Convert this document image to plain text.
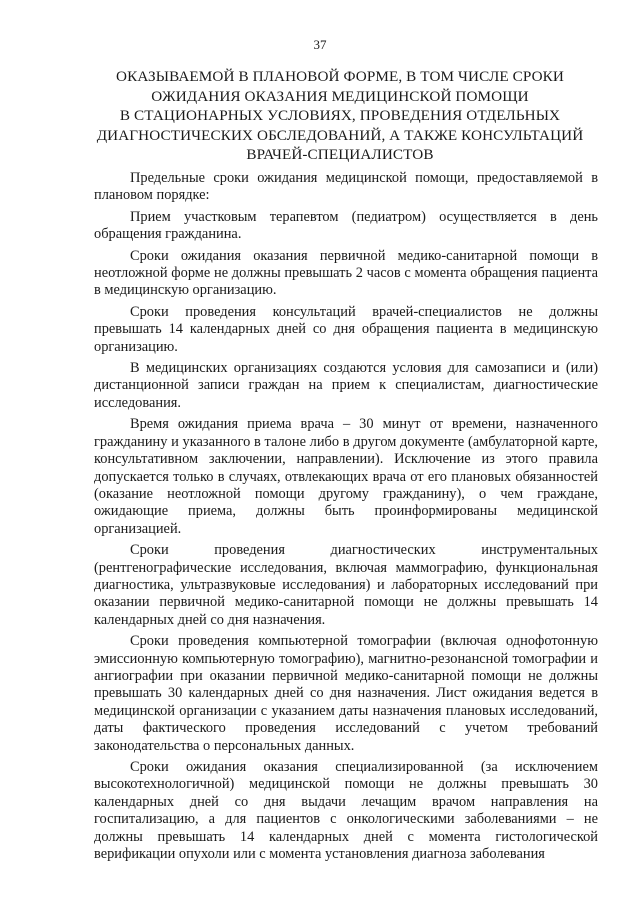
37
ОКАЗЫВАЕМОЙ В ПЛАНОВОЙ ФОРМЕ, В ТОМ ЧИСЛЕ СРОКИ
ОЖИДАНИЯ ОКАЗАНИЯ МЕДИЦИНСКОЙ ПОМОЩИ
В СТАЦИОНАРНЫХ УСЛОВИЯХ, ПРОВЕДЕНИЯ ОТДЕЛЬНЫХ
ДИАГНОСТИЧЕСКИХ ОБСЛЕДОВАНИЙ, А ТАКЖЕ КОНСУЛЬТАЦИЙ
ВРАЧЕЙ-СПЕЦИАЛИСТОВ

Предельные сроки ожидания медицинской помощи, предоставляемой в плановом порядке:

Прием участковым терапевтом (педиатром) осуществляется в день обращения гражданина.

Сроки ожидания оказания первичной медико-санитарной помощи в неотложной форме не должны превышать 2 часов с момента обращения пациента в медицинскую организацию.

Сроки проведения консультаций врачей-специалистов не должны превышать 14 календарных дней со дня обращения пациента в медицинскую организацию.

В медицинских организациях создаются условия для самозаписи и (или) дистанционной записи граждан на прием к специалистам, диагностические исследования.

Время ожидания приема врача – 30 минут от времени, назначенного гражданину и указанного в талоне либо в другом документе (амбулаторной карте, консультативном заключении, направлении). Исключение из этого правила допускается только в случаях, отвлекающих врача от его плановых обязанностей (оказание неотложной помощи другому гражданину), о чем граждане, ожидающие приема, должны быть проинформированы медицинской организацией.

Сроки проведения диагностических инструментальных (рентгенографические исследования, включая маммографию, функциональная диагностика, ультразвуковые исследования) и лабораторных исследований при оказании первичной медико-санитарной помощи не должны превышать 14 календарных дней со дня назначения.

Сроки проведения компьютерной томографии (включая однофотонную эмиссионную компьютерную томографию), магнитно-резонансной томографии и ангиографии при оказании первичной медико-санитарной помощи не должны превышать 30 календарных дней со дня назначения. Лист ожидания ведется в медицинской организации с указанием даты назначения плановых исследований, даты фактического проведения исследований с учетом требований законодательства о персональных данных.

Сроки ожидания оказания специализированной (за исключением высокотехнологичной) медицинской помощи не должны превышать 30 календарных дней со дня выдачи лечащим врачом направления на госпитализацию, а для пациентов с онкологическими заболеваниями – не должны превышать 14 календарных дней с момента гистологической верификации опухоли или с момента установления диагноза заболевания
